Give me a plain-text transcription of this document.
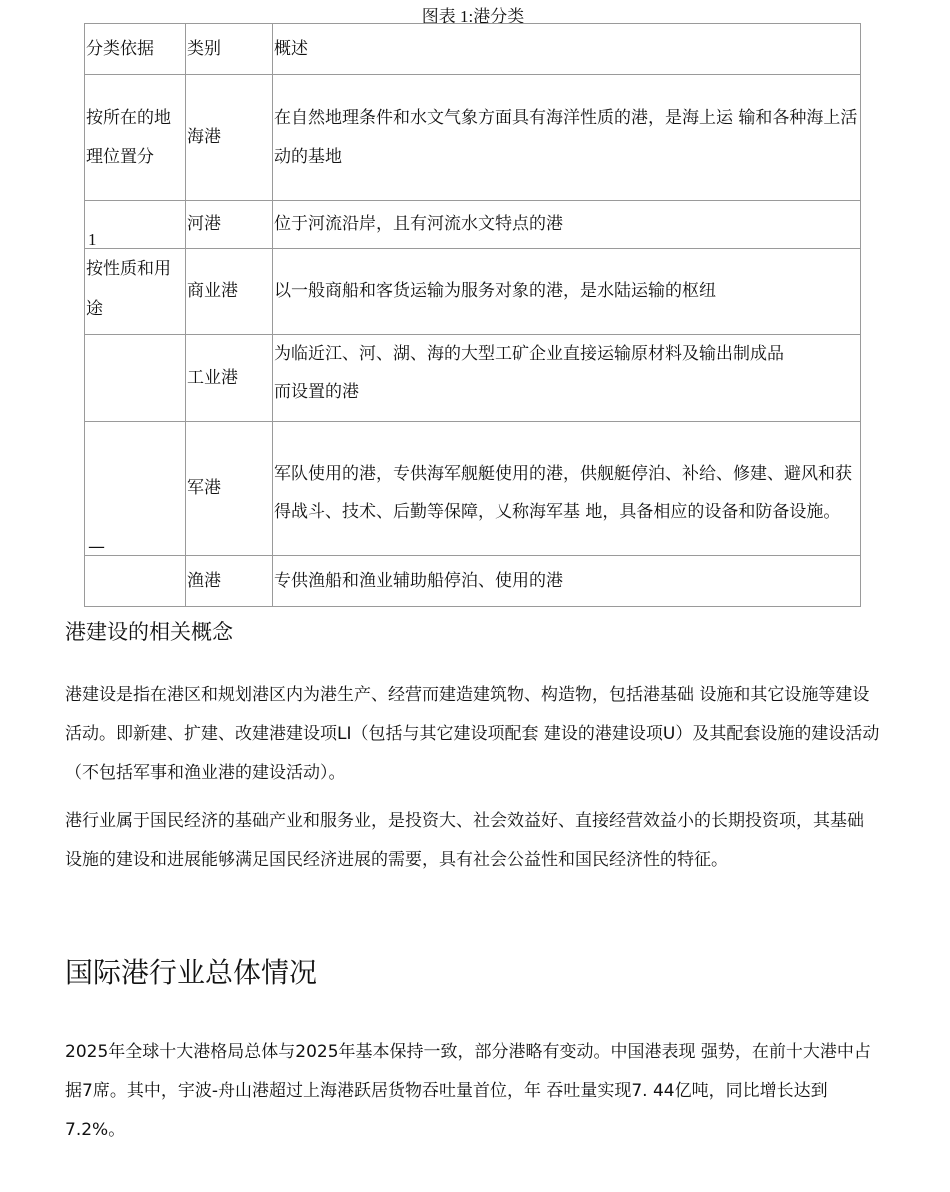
图表 1:港分类
分类依据	类别	概述
按所在的地理位置分	海港	在自然地理条件和水文气象方面具有海洋性质的港，是海上运 输和各种海上活动的基地

1	河港	位于河流沿岸，且有河流水文特点的港
按性质和用途	商业港	以一般商船和客货运输为服务对象的港，是水陆运输的枢纽
	工业港	为临近江、河、湖、海的大型工矿企业直接运输原材料及输出制成品而设置的港

—	军港	军队使用的港，专供海军舰艇使用的港，供舰艇停泊、补给、修建、避风和获得战斗、技术、后勤等保障，乂称海军基 地，具备相应的设备和防备设施。
	渔港	专供渔船和渔业辅助船停泊、使用的港
港建设的相关概念

港建设是指在港区和规划港区内为港生产、经营而建造建筑物、构造物，包括港基础 设施和其它设施等建设活动。即新建、扩建、改建港建设项LI（包括与其它建设项配套 建设的港建设项U）及其配套设施的建设活动（不包括军事和渔业港的建设活动）。

港行业属于国民经济的基础产业和服务业，是投资大、社会效益好、直接经营效益小的长期投资项，其基础设施的建设和进展能够满足国民经济进展的需要，具有社会公益性和国民经济性的特征。

国际港行业总体情况

2025年全球十大港格局总体与2025年基本保持一致，部分港略有变动。中国港表现 强势，在前十大港中占据7席。其中，宇波-舟山港超过上海港跃居货物吞吐量首位，年 吞吐量实现7. 44亿吨，同比增长达到7.2%。
